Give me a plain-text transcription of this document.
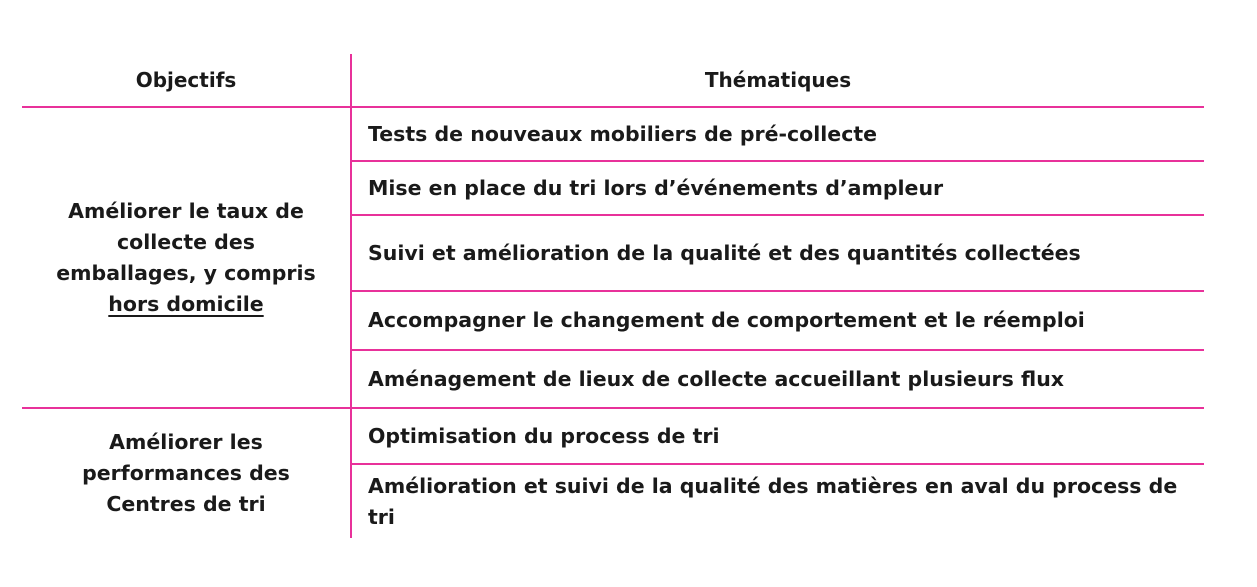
Objectifs	Thématiques
Améliorer le taux de
collecte des
emballages, y compris
hors domicile
Tests de nouveaux mobiliers de pré-collecte
Mise en place du tri lors d’événements d’ampleur
Suivi et amélioration de la qualité et des quantités collectées
Accompagner le changement de comportement et le réemploi
Aménagement de lieux de collecte accueillant plusieurs flux
Améliorer les
performances des
Centres de tri
Optimisation du process de tri
Amélioration et suivi de la qualité des matières en aval du process de tri
